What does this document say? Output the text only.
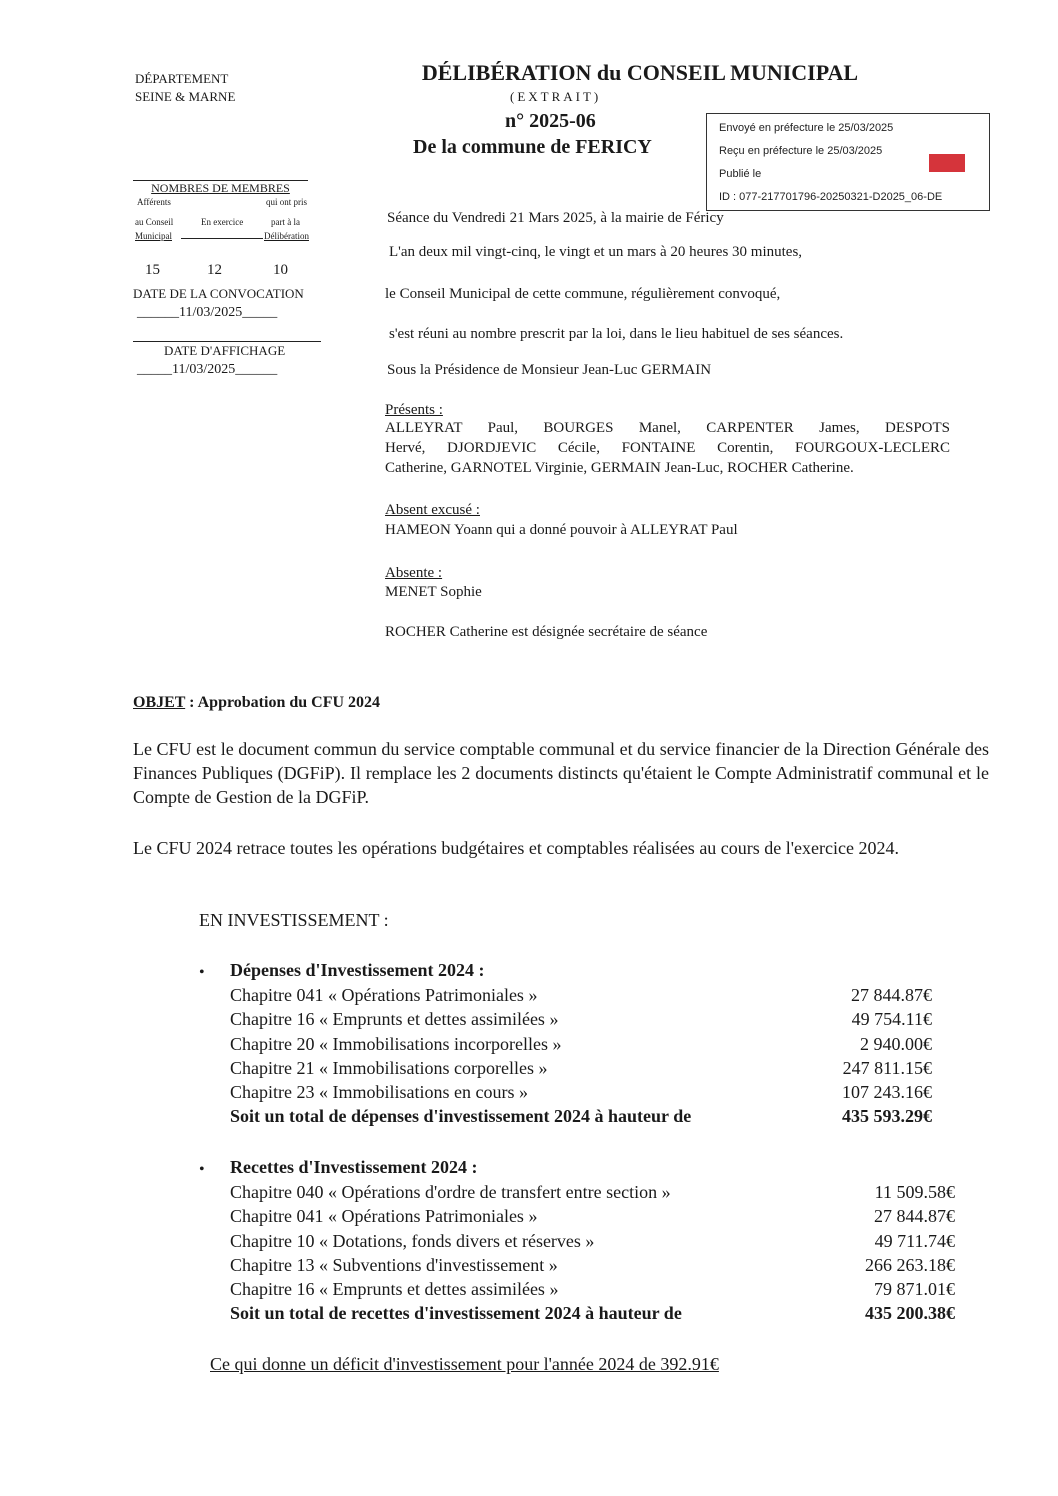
DÉPARTEMENT
SEINE & MARNE
DÉLIBÉRATION du CONSEIL MUNICIPAL
(EXTRAIT)
n° 2025-06
De la commune de FERICY
Envoyé en préfecture le 25/03/2025
Reçu en préfecture le 25/03/2025
Publié le
ID : 077-217701796-20250321-D2025_06-DE
NOMBRES DE MEMBRES
Afférents	qui ont pris
au Conseil	En exercice	part à la
Municipal	Délibération
15	12	10
DATE DE LA CONVOCATION
______11/03/2025_____
DATE D'AFFICHAGE
_____11/03/2025______
Séance du Vendredi 21 Mars 2025, à la mairie de Féricy
L'an deux mil vingt-cinq, le vingt et un mars à 20 heures 30 minutes,
le Conseil Municipal de cette commune, régulièrement convoqué,
s'est réuni au nombre prescrit par la loi, dans le lieu habituel de ses séances.
Sous la Présidence de Monsieur Jean-Luc GERMAIN
Présents :
ALLEYRAT Paul, BOURGES Manel, CARPENTER James, DESPOTS
Hervé, DJORDJEVIC Cécile, FONTAINE Corentin, FOURGOUX-LECLERC
Catherine, GARNOTEL Virginie, GERMAIN Jean-Luc, ROCHER Catherine.
Absent excusé :
HAMEON Yoann qui a donné pouvoir à ALLEYRAT Paul
Absente :
MENET Sophie
ROCHER Catherine est désignée secrétaire de séance
OBJET : Approbation du CFU 2024
Le CFU est le document commun du service comptable communal et du service financier de la Direction Générale des Finances Publiques (DGFiP). Il remplace les 2 documents distincts qu'étaient le Compte Administratif communal et le Compte de Gestion de la DGFiP.
Le CFU 2024 retrace toutes les opérations budgétaires et comptables réalisées au cours de l'exercice 2024.
EN INVESTISSEMENT :
• Dépenses d'Investissement 2024 :
Chapitre 041 « Opérations Patrimoniales »	27 844.87€
Chapitre 16 « Emprunts et dettes assimilées »	49 754.11€
Chapitre 20 « Immobilisations incorporelles »	2 940.00€
Chapitre 21 « Immobilisations corporelles »	247 811.15€
Chapitre 23 « Immobilisations en cours »	107 243.16€
Soit un total de dépenses d'investissement 2024 à hauteur de	435 593.29€
• Recettes d'Investissement 2024 :
Chapitre 040 « Opérations d'ordre de transfert entre section »	11 509.58€
Chapitre 041 « Opérations Patrimoniales »	27 844.87€
Chapitre 10 « Dotations, fonds divers et réserves »	49 711.74€
Chapitre 13 « Subventions d'investissement »	266 263.18€
Chapitre 16 « Emprunts et dettes assimilées »	79 871.01€
Soit un total de recettes d'investissement 2024 à hauteur de	435 200.38€
Ce qui donne un déficit d'investissement pour l'année 2024 de 392.91€
